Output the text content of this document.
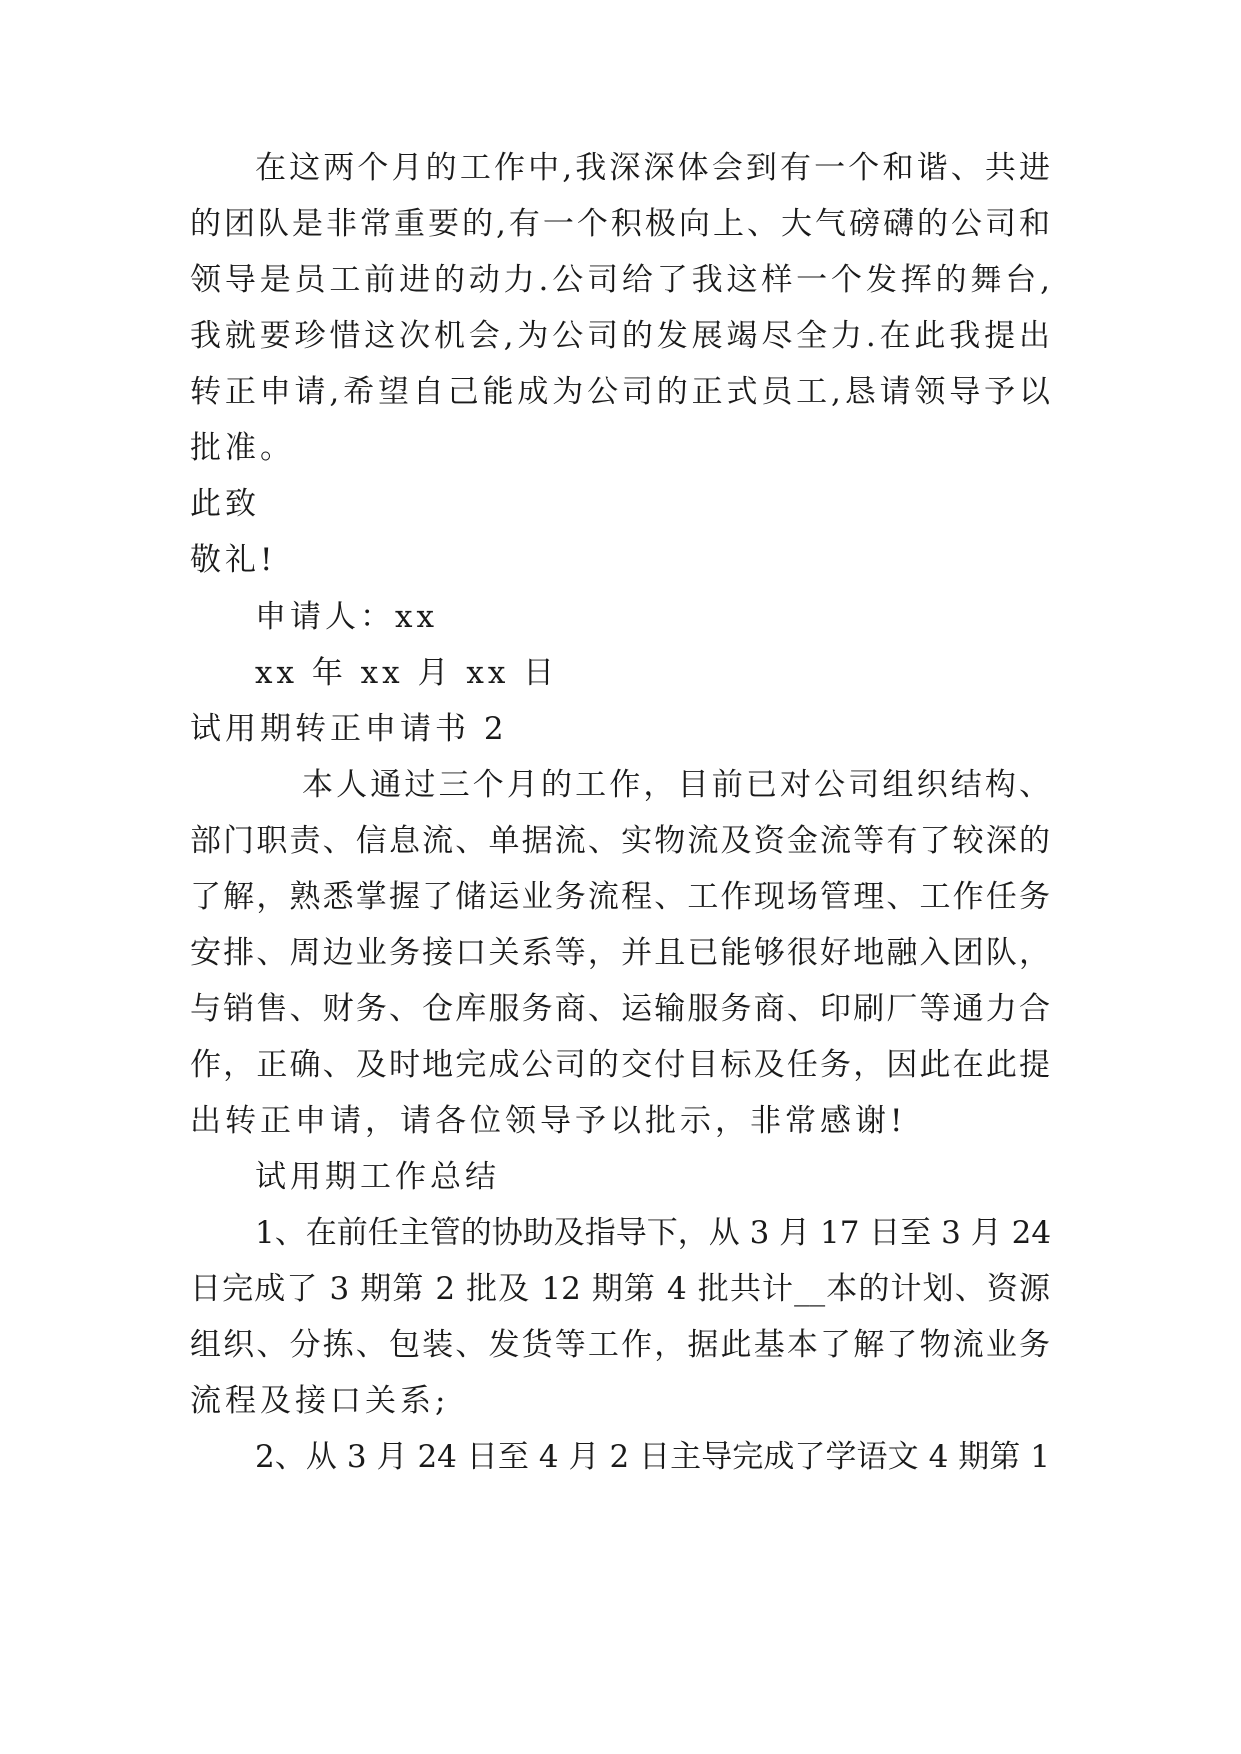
在这两个月的工作中,我深深体会到有一个和谐、共进
的团队是非常重要的,有一个积极向上、大气磅礴的公司和
领导是员工前进的动力.公司给了我这样一个发挥的舞台,
我就要珍惜这次机会,为公司的发展竭尽全力.在此我提出
转正申请,希望自己能成为公司的正式员工,恳请领导予以
批准。
此致
敬礼!
申请人：xx
xx 年 xx 月 xx 日
试用期转正申请书 2
本人通过三个月的工作，目前已对公司组织结构、
部门职责、信息流、单据流、实物流及资金流等有了较深的
了解，熟悉掌握了储运业务流程、工作现场管理、工作任务
安排、周边业务接口关系等，并且已能够很好地融入团队，
与销售、财务、仓库服务商、运输服务商、印刷厂等通力合
作，正确、及时地完成公司的交付目标及任务，因此在此提
出转正申请，请各位领导予以批示，非常感谢!
试用期工作总结
1、在前任主管的协助及指导下，从 3 月 17 日至 3 月 24
日完成了 3 期第 2 批及 12 期第 4 批共计__本的计划、资源
组织、分拣、包装、发货等工作，据此基本了解了物流业务
流程及接口关系;
2、从 3 月 24 日至 4 月 2 日主导完成了学语文 4 期第 1
